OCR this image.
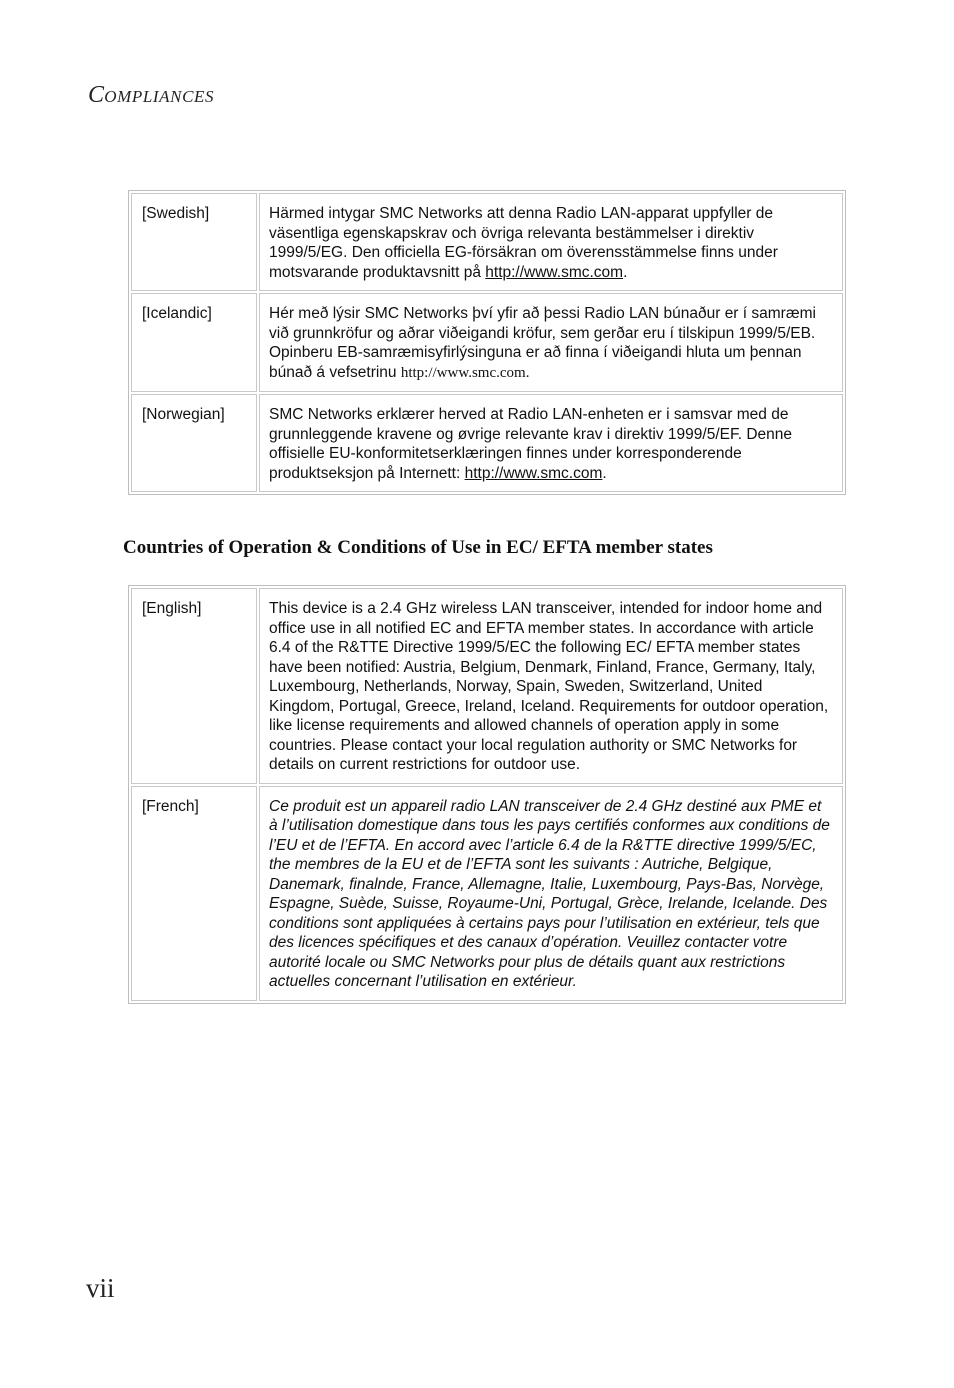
COMPLIANCES
[Swedish]	Härmed intygar SMC Networks att denna Radio LAN-apparat uppfyller de väsentliga egenskapskrav och övriga relevanta bestämmelser i direktiv 1999/5/EG. Den officiella EG-försäkran om överensstämmelse finns under motsvarande produktavsnitt på http://www.smc.com.
[Icelandic]	Hér með lýsir SMC Networks því yfir að þessi Radio LAN búnaður er í samræmi við grunnkröfur og aðrar viðeigandi kröfur, sem gerðar eru í tilskipun 1999/5/EB. Opinberu EB-samræmisyfirlýsinguna er að finna í viðeigandi hluta um þennan búnað á vefsetrinu http://www.smc.com.
[Norwegian]	SMC Networks erklærer herved at Radio LAN-enheten er i samsvar med de grunnleggende kravene og øvrige relevante krav i direktiv 1999/5/EF. Denne offisielle EU-konformitetserklæringen finnes under korresponderende produktseksjon på Internett: http://www.smc.com.
Countries of Operation & Conditions of Use in EC/ EFTA member states
[English]	This device is a 2.4 GHz wireless LAN transceiver, intended for indoor home and office use in all notified EC and EFTA member states. In accordance with article 6.4 of the R&TTE Directive 1999/5/EC the following EC/ EFTA member states have been notified: Austria, Belgium, Denmark, Finland, France, Germany, Italy, Luxembourg, Netherlands, Norway, Spain, Sweden, Switzerland, United Kingdom, Portugal, Greece, Ireland, Iceland. Requirements for outdoor operation, like license requirements and allowed channels of operation apply in some countries. Please contact your local regulation authority or SMC Networks for details on current restrictions for outdoor use.
[French]	Ce produit est un appareil radio LAN transceiver de 2.4 GHz destiné aux PME et à l’utilisation domestique dans tous les pays certifiés conformes aux conditions de l’EU et de l’EFTA. En accord avec l’article 6.4 de la R&TTE directive 1999/5/EC, the membres de la EU et de l’EFTA sont les suivants : Autriche, Belgique, Danemark, finalnde, France, Allemagne, Italie, Luxembourg, Pays-Bas, Norvège, Espagne, Suède, Suisse, Royaume-Uni, Portugal, Grèce, Irelande, Icelande. Des conditions sont appliquées à certains pays pour l’utilisation en extérieur, tels que des licences spécifiques et des canaux d’opération. Veuillez contacter votre autorité locale ou SMC Networks pour plus de détails quant aux restrictions actuelles concernant l’utilisation en extérieur.
vii
